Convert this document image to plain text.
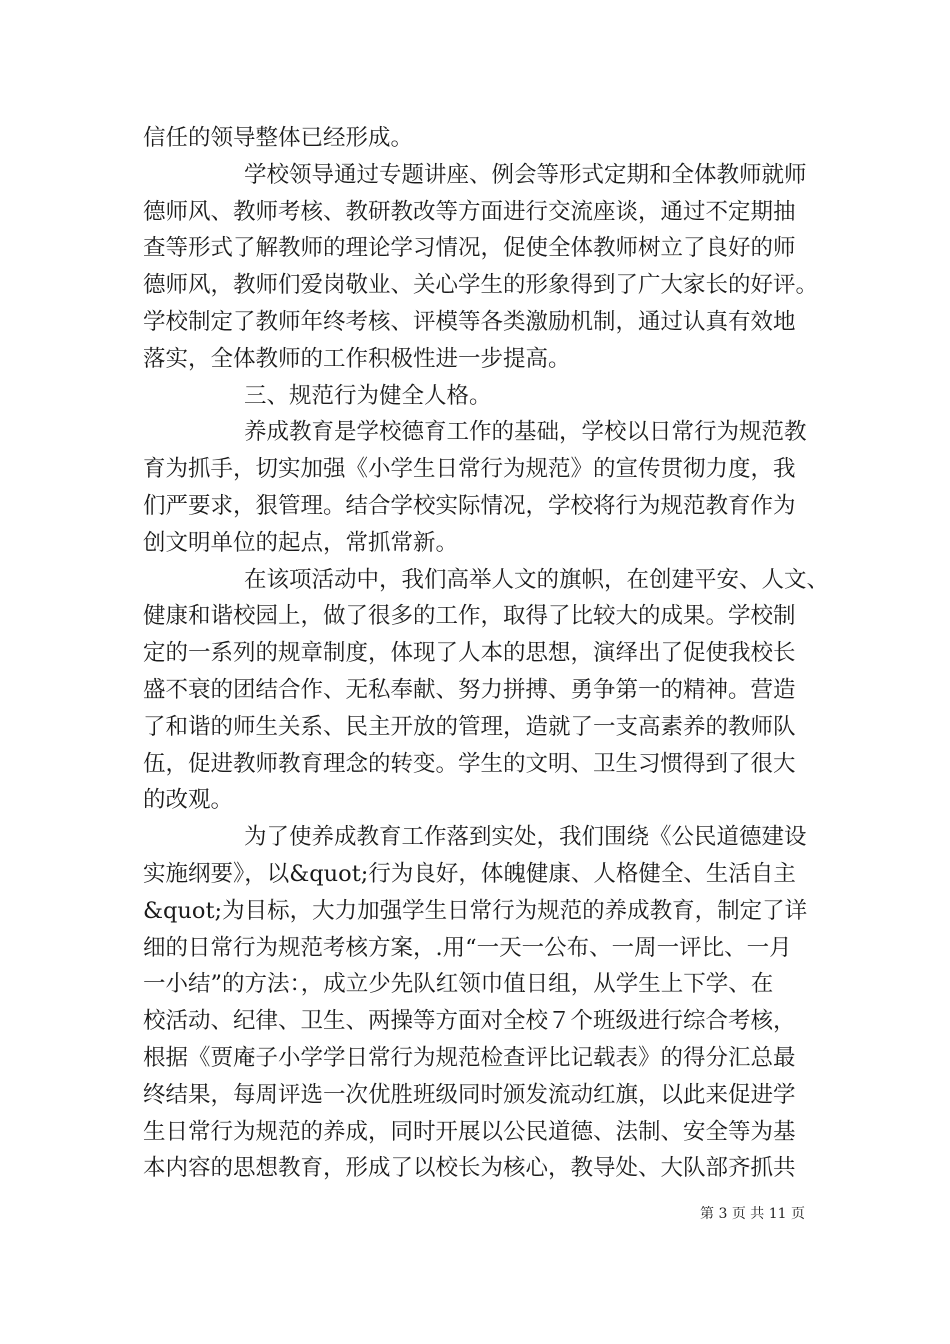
信任的领导整体已经形成。
学校领导通过专题讲座、例会等形式定期和全体教师就师
德师风、教师考核、教研教改等方面进行交流座谈，通过不定期抽
查等形式了解教师的理论学习情况，促使全体教师树立了良好的师
德师风，教师们爱岗敬业、关心学生的形象得到了广大家长的好评。
学校制定了教师年终考核、评模等各类激励机制，通过认真有效地
落实，全体教师的工作积极性进一步提高。
三、规范行为健全人格。
养成教育是学校德育工作的基础，学校以日常行为规范教
育为抓手，切实加强《小学生日常行为规范》的宣传贯彻力度，我
们严要求，狠管理。结合学校实际情况，学校将行为规范教育作为
创文明单位的起点，常抓常新。
在该项活动中，我们高举人文的旗帜，在创建平安、人文、
健康和谐校园上，做了很多的工作，取得了比较大的成果。学校制
定的一系列的规章制度，体现了人本的思想，演绎出了促使我校长
盛不衰的团结合作、无私奉献、努力拼搏、勇争第一的精神。营造
了和谐的师生关系、民主开放的管理，造就了一支高素养的教师队
伍，促进教师教育理念的转变。学生的文明、卫生习惯得到了很大
的改观。
为了使养成教育工作落到实处，我们围绕《公民道德建设
实施纲要》，以&quot;行为良好，体魄健康、人格健全、生活自主
&quot;为目标，大力加强学生日常行为规范的养成教育，制定了详
细的日常行为规范考核方案，.用“一天一公布、一周一评比、一月
一小结”的方法：，成立少先队红领巾值日组，从学生上下学、在
校活动、纪律、卫生、两操等方面对全校７个班级进行综合考核，
根据《贾庵子小学学日常行为规范检查评比记载表》的得分汇总最
终结果，每周评选一次优胜班级同时颁发流动红旗，以此来促进学
生日常行为规范的养成，同时开展以公民道德、法制、安全等为基
本内容的思想教育，形成了以校长为核心，教导处、大队部齐抓共
第 3 页 共 11 页
